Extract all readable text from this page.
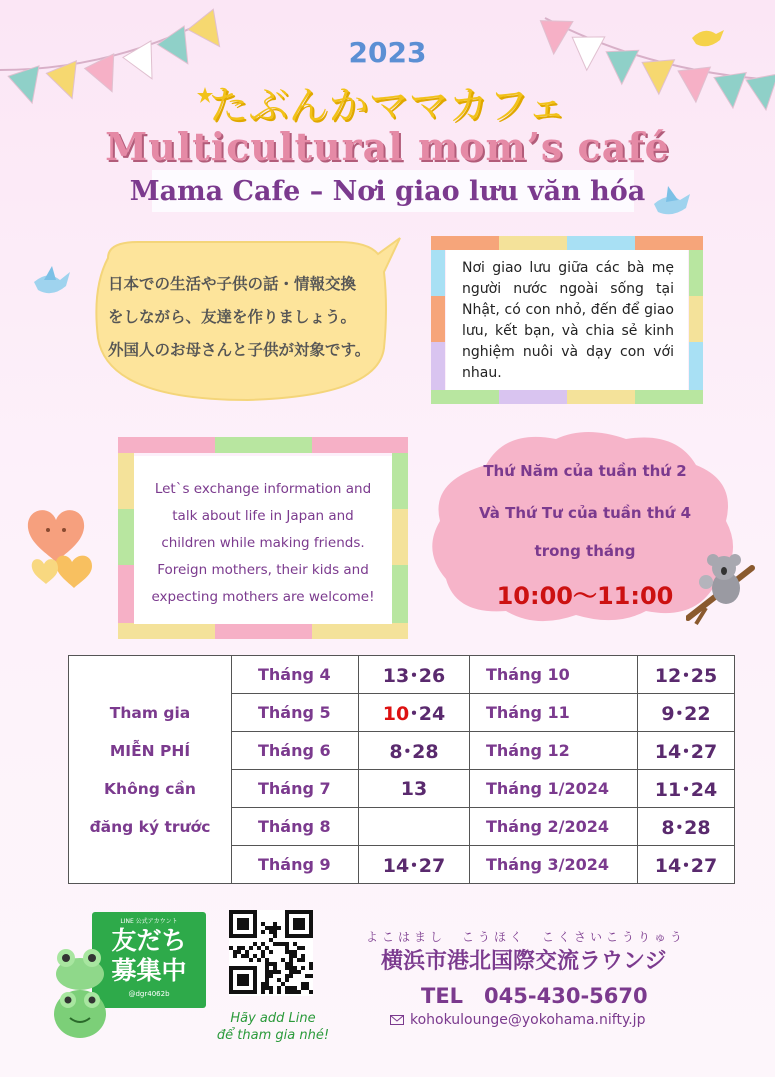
2023
たぶんかママカフェ
Multicultural mom’s café
Mama Cafe – Nơi giao lưu văn hóa
日本での生活や子供の話・情報交換
をしながら、友達を作りましょう。
外国人のお母さんと子供が対象です。
Nơi giao lưu giữa các bà mẹ người nước ngoài sống tại Nhật, có con nhỏ, đến để giao lưu, kết bạn, và chia sẻ kinh nghiệm nuôi và dạy con với nhau.
Let`s exchange information and
talk about life in Japan and
children while making friends.
Foreign mothers, their kids and
expecting mothers are welcome!
Thứ Năm của tuần thứ 2
Và Thứ Tư của tuần thứ 4
trong tháng
10:00～11:00
Tham gia
MIỄN PHÍ
Không cần
đăng ký trước	Tháng 4	13･26	Tháng 10	12･25
	Tháng 5	10･24	Tháng 11	9･22
	Tháng 6	8･28	Tháng 12	14･27
	Tháng 7	13	Tháng 1/2024	11･24
	Tháng 8		Tháng 2/2024	8･28
	Tháng 9	14･27	Tháng 3/2024	14･27
LINE 公式アカウント
友だち
募集中
@dgr4062b
Hãy add Line
để tham gia nhé!
よこはまし　こうほく　こくさいこうりゅう
横浜市港北国際交流ラウンジ
TEL　045-430-5670
kohokulounge@yokohama.nifty.jp
